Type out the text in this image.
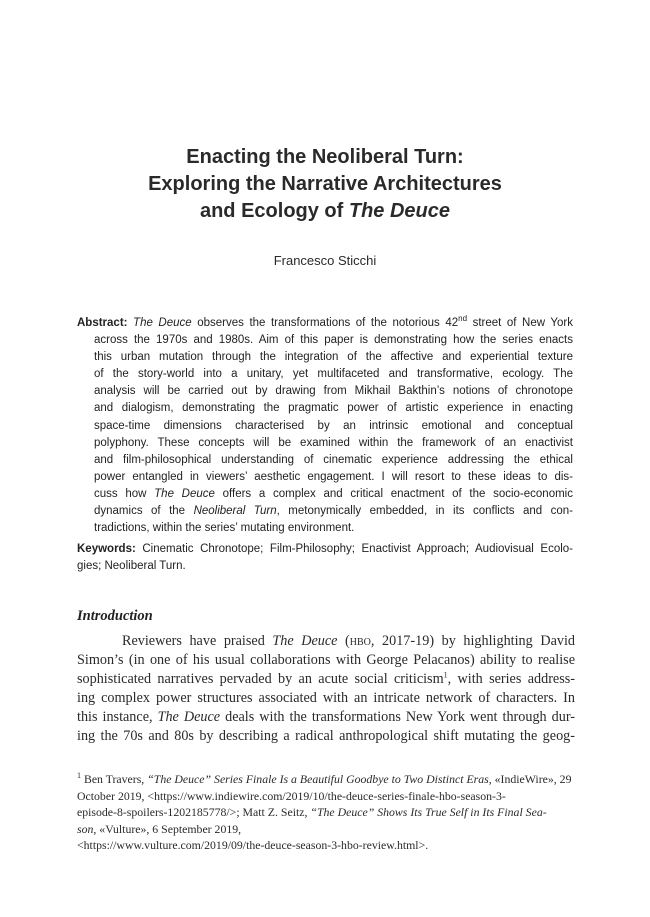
Enacting the Neoliberal Turn:
Exploring the Narrative Architectures
and Ecology of The Deuce
Francesco Sticchi
Abstract: The Deuce observes the transformations of the notorious 42nd street of New York
across the 1970s and 1980s. Aim of this paper is demonstrating how the series enacts
this urban mutation through the integration of the affective and experiential texture
of the story-world into a unitary, yet multifaceted and transformative, ecology. The
analysis will be carried out by drawing from Mikhail Bakthin’s notions of chronotope
and dialogism, demonstrating the pragmatic power of artistic experience in enacting
space-time dimensions characterised by an intrinsic emotional and conceptual
polyphony. These concepts will be examined within the framework of an enactivist
and film-philosophical understanding of cinematic experience addressing the ethical
power entangled in viewers’ aesthetic engagement. I will resort to these ideas to dis-
cuss how The Deuce offers a complex and critical enactment of the socio-economic
dynamics of the Neoliberal Turn, metonymically embedded, in its conflicts and con-
tradictions, within the series’ mutating environment.
Keywords: Cinematic Chronotope; Film-Philosophy; Enactivist Approach; Audiovisual Ecolo-
gies; Neoliberal Turn.
Introduction
Reviewers have praised The Deuce (hbo, 2017-19) by highlighting David
Simon’s (in one of his usual collaborations with George Pelacanos) ability to realise
sophisticated narratives pervaded by an acute social criticism$^1$, with series address-
ing complex power structures associated with an intricate network of characters. In
this instance, The Deuce deals with the transformations New York went through dur-
ing the 70s and 80s by describing a radical anthropological shift mutating the geog-
$^1$ Ben Travers, “The Deuce” Series Finale Is a Beautiful Goodbye to Two Distinct Eras, «IndieWire», 29
October 2019, <https://www.indiewire.com/2019/10/the-deuce-series-finale-hbo-season-3-
episode-8-spoilers-1202185778/>; Matt Z. Seitz, “The Deuce” Shows Its True Self in Its Final Sea-
son, «Vulture», 6 September 2019,
<https://www.vulture.com/2019/09/the-deuce-season-3-hbo-review.html>.
